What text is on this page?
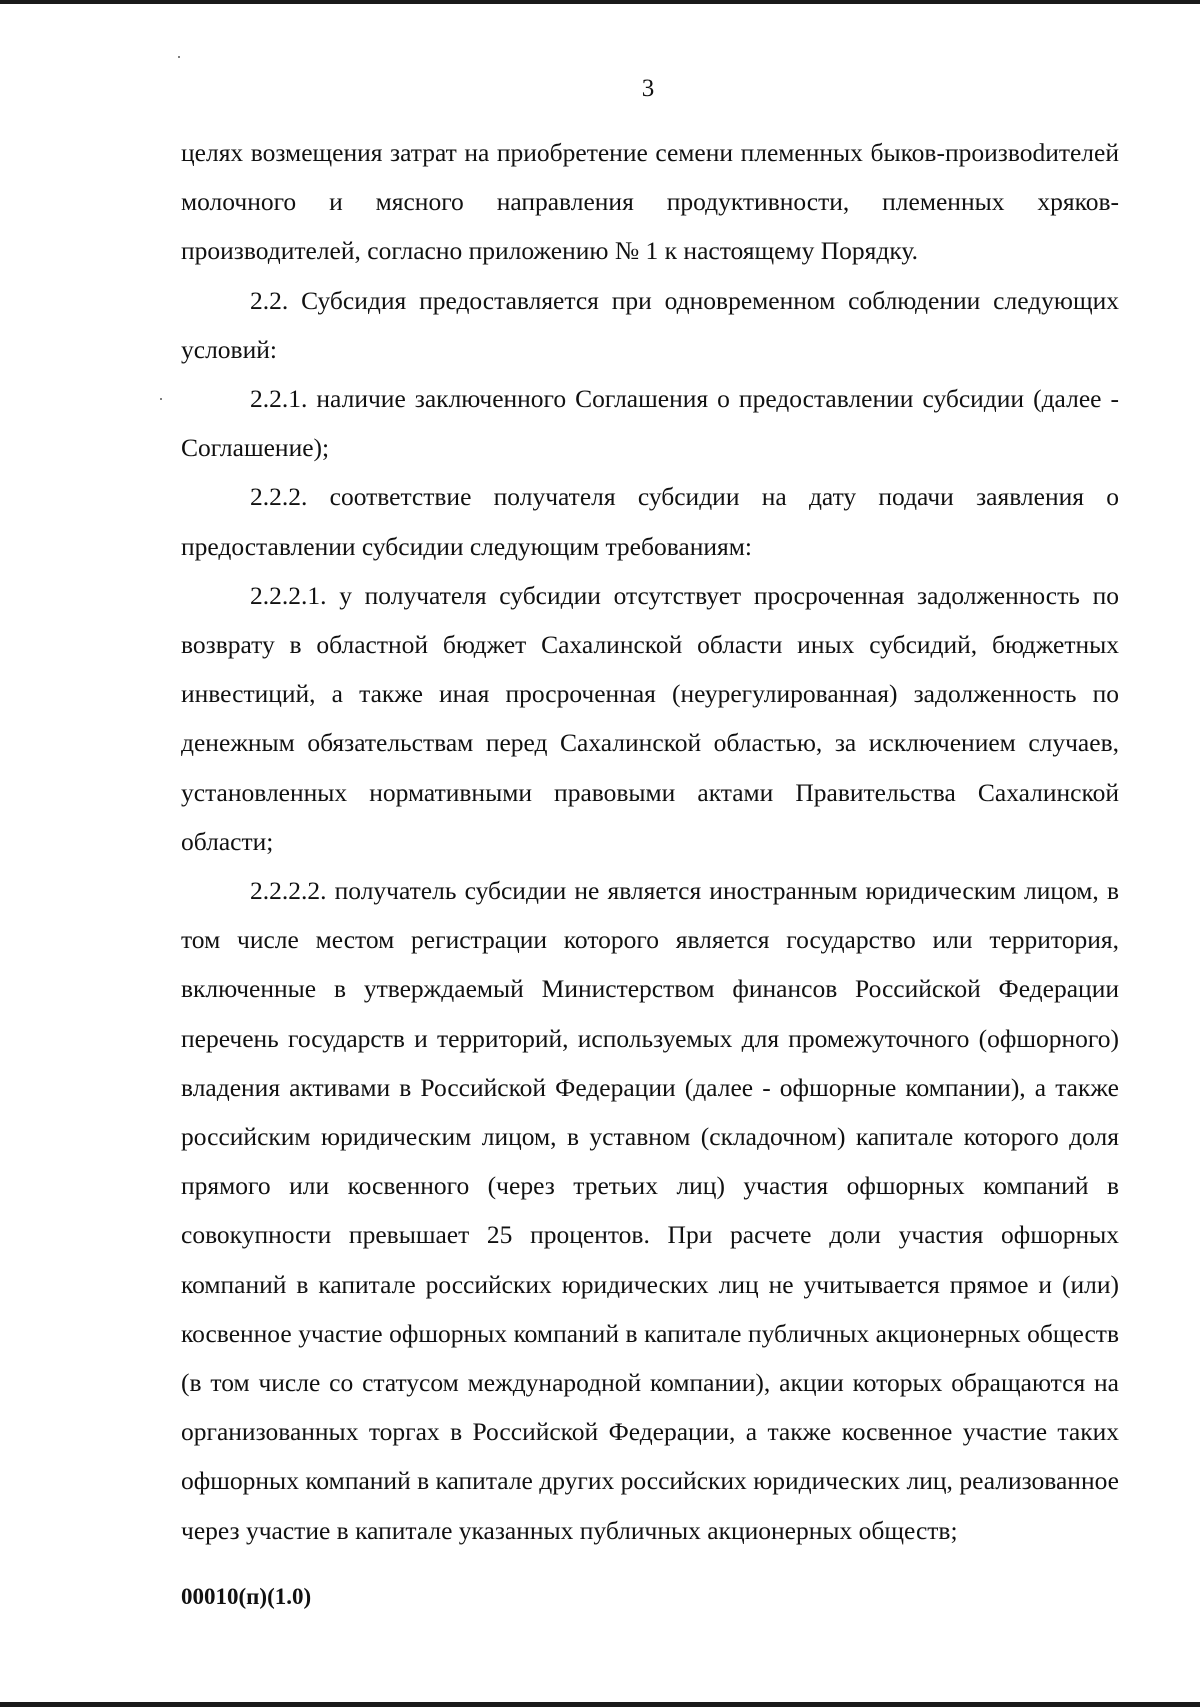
3

целях возмещения затрат на приобретение семени племенных быков-произвоdителей молочного и мясного направления продуктивности, племенных хряков-производителей, согласно приложению № 1 к настоящему Порядку.

2.2. Субсидия предоставляется при одновременном соблюдении следующих условий:

2.2.1. наличие заключенного Соглашения о предоставлении субсидии (далее - Соглашение);

2.2.2. соответствие получателя субсидии на дату подачи заявления о предоставлении субсидии следующим требованиям:

2.2.2.1. у получателя субсидии отсутствует просроченная задолженность по возврату в областной бюджет Сахалинской области иных субсидий, бюджетных инвестиций, а также иная просроченная (неурегулированная) задолженность по денежным обязательствам перед Сахалинской областью, за исключением случаев, установленных нормативными правовыми актами Правительства Сахалинской области;

2.2.2.2. получатель субсидии не является иностранным юридическим лицом, в том числе местом регистрации которого является государство или территория, включенные в утверждаемый Министерством финансов Российской Федерации перечень государств и территорий, используемых для промежуточного (офшорного) владения активами в Российской Федерации (далее - офшорные компании), а также российским юридическим лицом, в уставном (складочном) капитале которого доля прямого или косвенного (через третьих лиц) участия офшорных компаний в совокупности превышает 25 процентов. При расчете доли участия офшорных компаний в капитале российских юридических лиц не учитывается прямое и (или) косвенное участие офшорных компаний в капитале публичных акционерных обществ (в том числе со статусом международной компании), акции которых обращаются на организованных торгах в Российской Федерации, а также косвенное участие таких офшорных компаний в капитале других российских юридических лиц, реализованное через участие в капитале указанных публичных акционерных обществ;

00010(п)(1.0)
